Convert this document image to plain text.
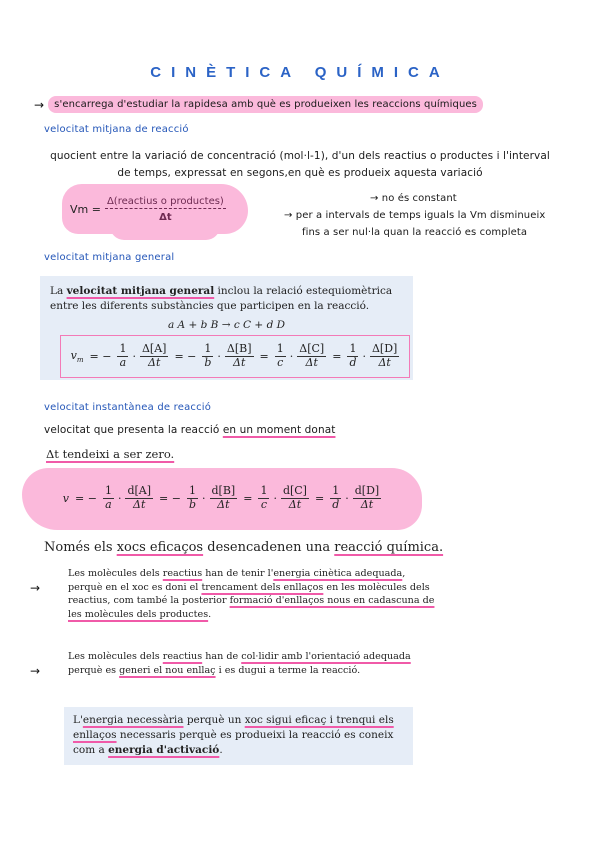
CINÈTICA QUÍMICA
→	s'encarrega d'estudiar la rapidesa amb què es produeixen les reaccions químiques
velocitat mitjana de reacció
quocient entre la variació de concentració (mol·l-1), d'un dels reactius o productes i l'interval
de temps, expressat en segons,en què es produeix aquesta variació
$Vm = \frac{\text{Δ(reactius o productes)}}{\Delta t}$	→ no és constant
→ per a intervals de temps iguals la Vm disminueix
fins a ser nul·la quan la reacció es completa
velocitat mitjana general
La velocitat mitjana general inclou la relació estequiomètrica entre les diferents substàncies que participen en la reacció.
a A + b B → c C + d D
$v_m$ = − $\frac{1}{a} \cdot \frac{\Delta[A]}{\Delta t}$ = − $\frac{1}{b} \cdot \frac{\Delta[B]}{\Delta t} = \frac{1}{c} \cdot \frac{\Delta[C]}{\Delta t} = \frac{1}{d} \cdot \frac{\Delta[D]}{\Delta t}$
velocitat instantànea de reacció
velocitat que presenta la reacció en un moment donat
Δt tendeixi a ser zero.
v = − $\frac{1}{a} \cdot \frac{d[A]}{\Delta t}$ = − $\frac{1}{b} \cdot \frac{d[B]}{\Delta t} = \frac{1}{c} \cdot \frac{d[C]}{\Delta t} = \frac{1}{d} \cdot \frac{d[D]}{\Delta t}$
Només els xocs eficaços desencadenen una reacció química.
→
Les molècules dels reactius han de tenir l'energia cinètica adequada, perquè en el xoc es doni el trencament dels enllaços en les molècules dels reactius, com també la posterior formació d'enllaços nous en cadascuna de les molècules dels productes.
→
Les molècules dels reactius han de col·lidir amb l'orientació adequada perquè es generi el nou enllaç i es dugui a terme la reacció.
L'energia necessària perquè un xoc sigui eficaç i trenqui els enllaços necessaris perquè es produeixi la reacció es coneix com a energia d'activació.
